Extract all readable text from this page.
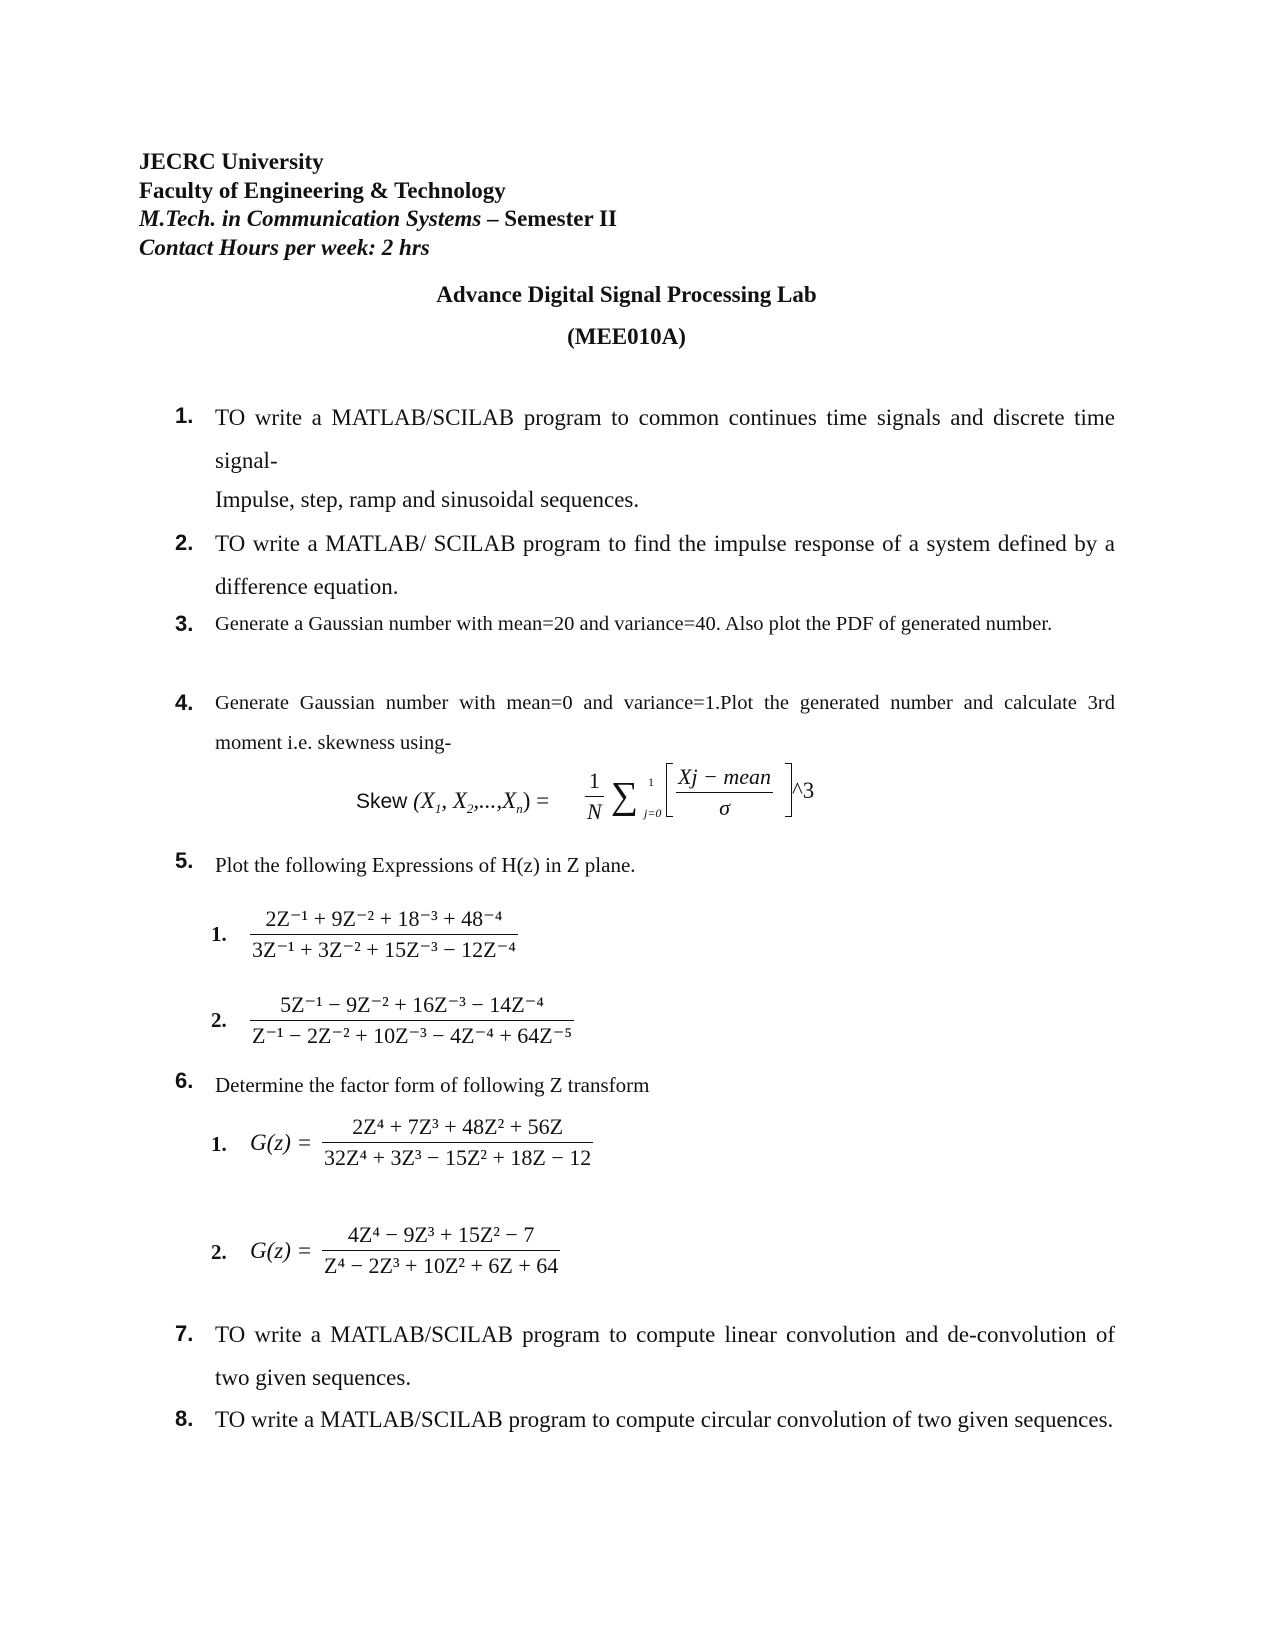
JECRC University
Faculty of Engineering & Technology
M.Tech. in Communication Systems – Semester II
Contact Hours per week: 2 hrs
Advance Digital Signal Processing Lab
(MEE010A)
1. TO write a MATLAB/SCILAB program to common continues time signals and discrete time signal-
Impulse, step, ramp and sinusoidal sequences.
2. TO write a MATLAB/ SCILAB program to find the impulse response of a system defined by a difference equation.
3. Generate a Gaussian number with mean=20 and variance=40. Also plot the PDF of generated number.
4. Generate Gaussian number with mean=0 and variance=1.Plot the generated number and calculate 3rd moment i.e. skewness using-
Skew ($X_1$, $X_2,...,X_n$) =
1
N ∑ 1
j=0
Xj − mean
σ
^3
5. Plot the following Expressions of H(z) in Z plane.
1.
2Z⁻¹ + 9Z⁻² + 18⁻³ + 48⁻⁴
3Z⁻¹ + 3Z⁻² + 15Z⁻³ − 12Z⁻⁴
2.
5Z⁻¹ − 9Z⁻² + 16Z⁻³ − 14Z⁻⁴
Z⁻¹ − 2Z⁻² + 10Z⁻³ − 4Z⁻⁴ + 64Z⁻⁵
6. Determine the factor form of following Z transform
1. G(z) =
2Z⁴ + 7Z³ + 48Z² + 56Z
32Z⁴ + 3Z³ − 15Z² + 18Z − 12
2. G(z) =
4Z⁴ − 9Z³ + 15Z² − 7
Z⁴ − 2Z³ + 10Z² + 6Z + 64
7. TO write a MATLAB/SCILAB program to compute linear convolution and de-convolution of two given sequences.
8. TO write a MATLAB/SCILAB program to compute circular convolution of two given sequences.
